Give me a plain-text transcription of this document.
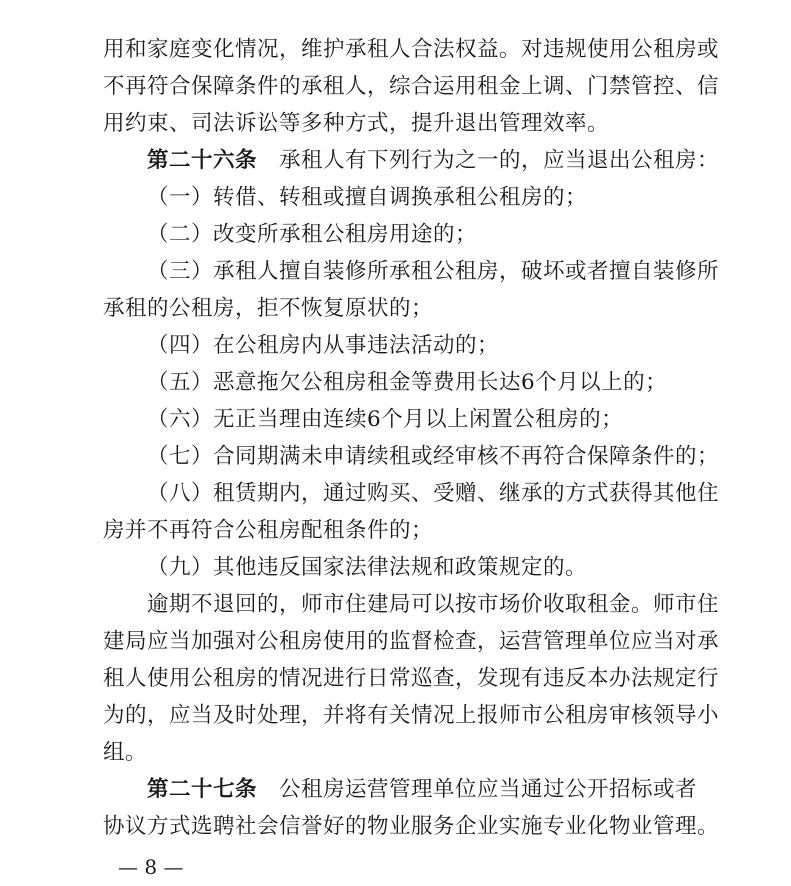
用和家庭变化情况，维护承租人合法权益。对违规使用公租房或
不再符合保障条件的承租人，综合运用租金上调、门禁管控、信
用约束、司法诉讼等多种方式，提升退出管理效率。
第二十六条 承租人有下列行为之一的，应当退出公租房：
（一）转借、转租或擅自调换承租公租房的；
（二）改变所承租公租房用途的；
（三）承租人擅自装修所承租公租房，破坏或者擅自装修所
承租的公租房，拒不恢复原状的；
（四）在公租房内从事违法活动的；
（五）恶意拖欠公租房租金等费用长达6个月以上的；
（六）无正当理由连续6个月以上闲置公租房的；
（七）合同期满未申请续租或经审核不再符合保障条件的；
（八）租赁期内，通过购买、受赠、继承的方式获得其他住
房并不再符合公租房配租条件的；
（九）其他违反国家法律法规和政策规定的。
逾期不退回的，师市住建局可以按市场价收取租金。师市住
建局应当加强对公租房使用的监督检查，运营管理单位应当对承
租人使用公租房的情况进行日常巡查，发现有违反本办法规定行
为的，应当及时处理，并将有关情况上报师市公租房审核领导小
组。
第二十七条 公租房运营管理单位应当通过公开招标或者
协议方式选聘社会信誉好的物业服务企业实施专业化物业管理。
— 8 —
